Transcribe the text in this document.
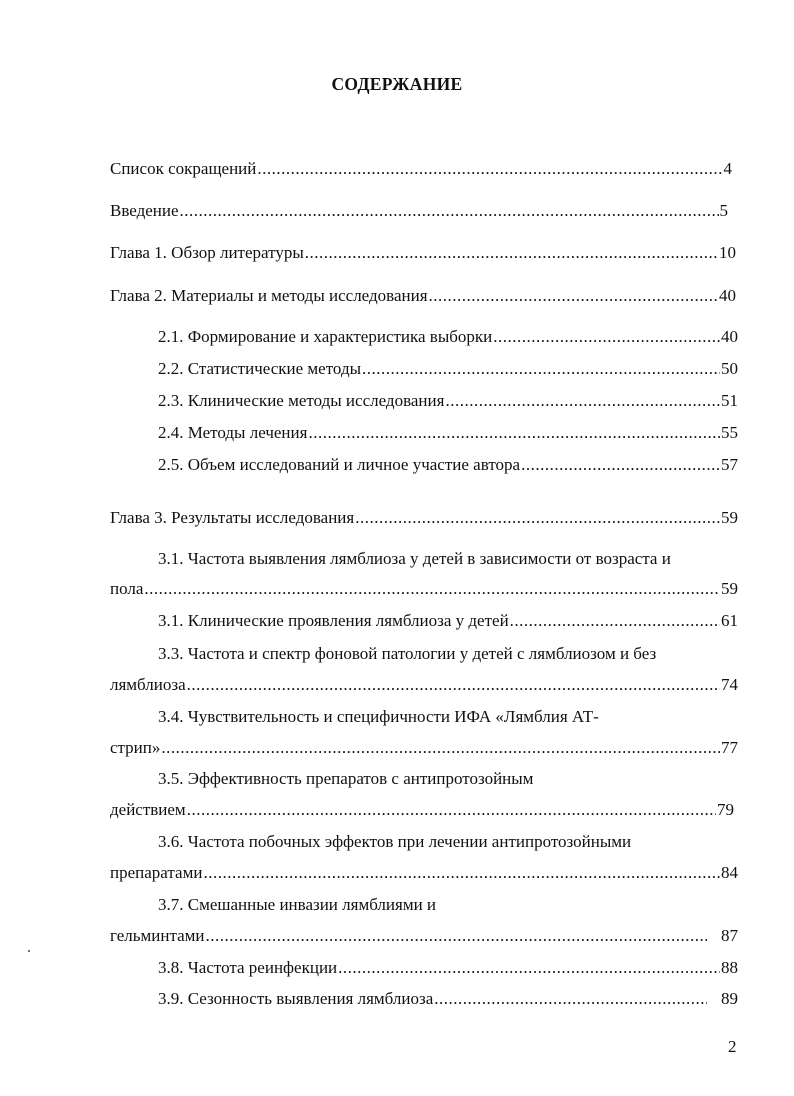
СОДЕРЖАНИЕ
Список сокращений .....	4
Введение .....	5
Глава 1. Обзор литературы .....	10
Глава 2. Материалы и методы исследования .....	40
2.1. Формирование и характеристика выборки .....	40
2.2. Статистические методы .....	50
2.3. Клинические методы исследования .....	51
2.4. Методы лечения .....	55
2.5. Объем исследований и личное участие автора .....	57
Глава 3. Результаты исследования .....	59
3.1. Частота выявления лямблиоза у детей в зависимости от возраста и
пола .....	59
3.1. Клинические проявления лямблиоза у детей .....	61
3.3. Частота и спектр фоновой патологии у детей с лямблиозом и без
лямблиоза .....	74
3.4. Чувствительность и специфичности ИФА «Лямблия АТ-
стрип» .....	77
3.5. Эффективность препаратов с антипротозойным
действием .....	79
3.6. Частота побочных эффектов при лечении антипротозойными
препаратами .....	84
3.7. Смешанные инвазии лямблиями и
гельминтами .....	87
3.8. Частота реинфекции .....	88
3.9. Сезонность выявления лямблиоза .....	89
2
